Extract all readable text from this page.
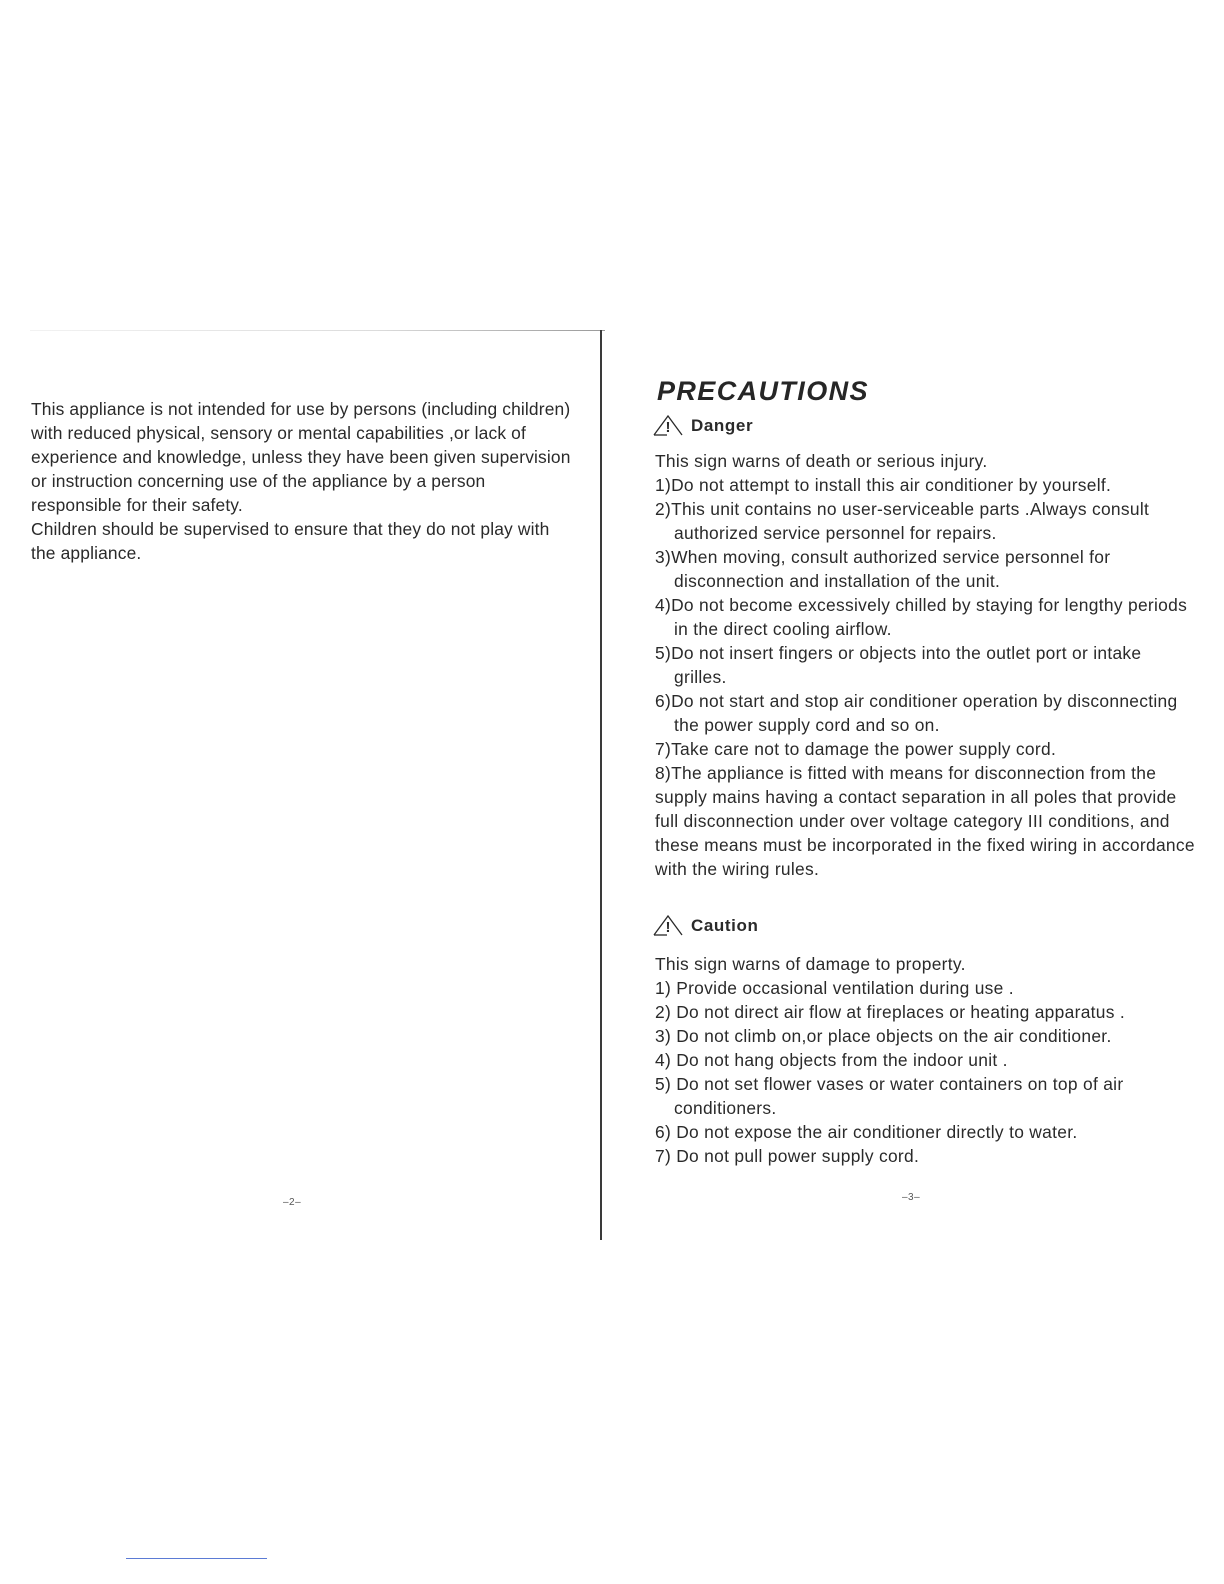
This appliance is not intended for use by persons (including children) with reduced physical, sensory or mental capabilities ,or lack of experience and knowledge, unless they have been given supervision or instruction concerning use of the appliance by a person responsible for their safety.

Children should be supervised to ensure that they do not play with the appliance.

–2–
PRECAUTIONS
! Danger

This sign warns of death or serious injury.

1)Do not attempt to install this air conditioner by yourself.

2)This unit contains no user-serviceable parts .Always consult authorized service personnel for repairs.

3)When moving, consult authorized service personnel for disconnection and installation of the unit.

4)Do not become excessively chilled by staying for lengthy periods in the direct cooling airflow.

5)Do not insert fingers or objects into the outlet port or intake grilles.

6)Do not start and stop air conditioner operation by disconnecting the power supply cord and so on.

7)Take care not to damage the power supply cord.

8)The appliance is fitted with means for disconnection from the supply mains having a contact separation in all poles that provide full disconnection under over voltage category III conditions, and these means must be incorporated in the fixed wiring in accordance with the wiring rules.

! Caution

This sign warns of damage to property.

1) Provide occasional ventilation during use .

2) Do not direct air flow at fireplaces or heating apparatus .

3) Do not climb on,or place objects on the air conditioner.

4) Do not hang objects from the indoor unit .

5) Do not set flower vases or water containers on top of air conditioners.

6) Do not expose the air conditioner directly to water.

7) Do not pull power supply cord.

–3–
